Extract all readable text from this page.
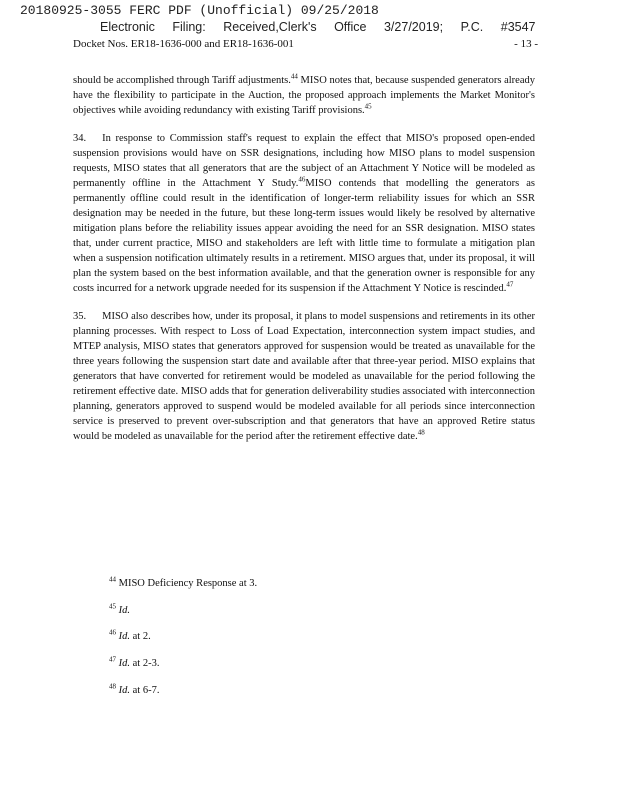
20180925-3055 FERC PDF (Unofficial) 09/25/2018
Electronic Filing: Received,Clerk's Office 3/27/2019; P.C. #3547
Docket Nos. ER18-1636-000 and ER18-1636-001	- 13 -

should be accomplished through Tariff adjustments.$^{44}$ MISO notes that, because suspended generators already have the flexibility to participate in the Auction, the proposed approach implements the Market Monitor's objectives while avoiding redundancy with existing Tariff provisions.$^{45}$

34. In response to Commission staff's request to explain the effect that MISO's proposed open-ended suspension provisions would have on SSR designations, including how MISO plans to model suspension requests, MISO states that all generators that are the subject of an Attachment Y Notice will be modeled as permanently offline in the Attachment Y Study.$^{46}$MISO contends that modelling the generators as permanently offline could result in the identification of longer-term reliability issues for which an SSR designation may be needed in the future, but these long-term issues would likely be resolved by alternative mitigation plans before the reliability issues appear avoiding the need for an SSR designation. MISO states that, under current practice, MISO and stakeholders are left with little time to formulate a mitigation plan when a suspension notification ultimately results in a retirement. MISO argues that, under its proposal, it will plan the system based on the best information available, and that the generation owner is responsible for any costs incurred for a network upgrade needed for its suspension if the Attachment Y Notice is rescinded.$^{47}$

35. MISO also describes how, under its proposal, it plans to model suspensions and retirements in its other planning processes. With respect to Loss of Load Expectation, interconnection system impact studies, and MTEP analysis, MISO states that generators approved for suspension would be treated as unavailable for the three years following the suspension start date and available after that three-year period. MISO explains that generators that have converted for retirement would be modeled as unavailable for the period following the retirement effective date. MISO adds that for generation deliverability studies associated with interconnection planning, generators approved to suspend would be modeled available for all periods since interconnection service is preserved to prevent over-subscription and that generators that have an approved Retire status would be modeled as unavailable for the period after the retirement effective date.$^{48}$

$^{44}$ MISO Deficiency Response at 3.
$^{45}$ Id.
$^{46}$ Id. at 2.
$^{47}$ Id. at 2-3.
$^{48}$ Id. at 6-7.
